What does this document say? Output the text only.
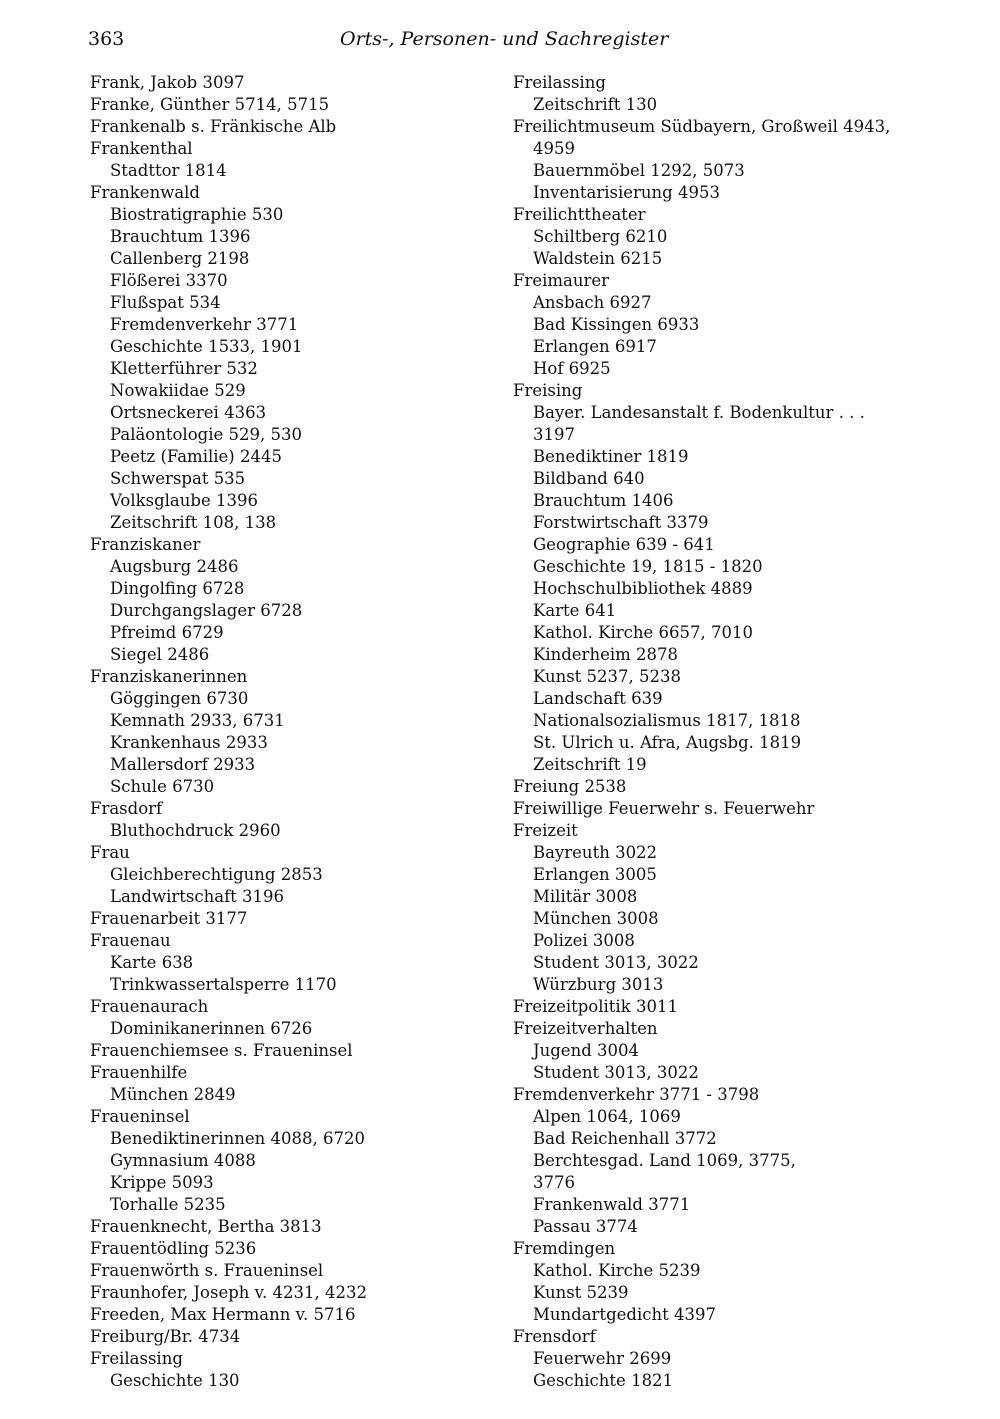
363	Orts-, Personen- und Sachregister
Frank, Jakob 3097
Franke, Günther 5714, 5715
Frankenalb s. Fränkische Alb
Frankenthal
Stadttor 1814
Frankenwald
Biostratigraphie 530
Brauchtum 1396
Callenberg 2198
Flößerei 3370
Flußspat 534
Fremdenverkehr 3771
Geschichte 1533, 1901
Kletterführer 532
Nowakiidae 529
Ortsneckerei 4363
Paläontologie 529, 530
Peetz (Familie) 2445
Schwerspat 535
Volksglaube 1396
Zeitschrift 108, 138
Franziskaner
Augsburg 2486
Dingolfing 6728
Durchgangslager 6728
Pfreimd 6729
Siegel 2486
Franziskanerinnen
Göggingen 6730
Kemnath 2933, 6731
Krankenhaus 2933
Mallersdorf 2933
Schule 6730
Frasdorf
Bluthochdruck 2960
Frau
Gleichberechtigung 2853
Landwirtschaft 3196
Frauenarbeit 3177
Frauenau
Karte 638
Trinkwassertalsperre 1170
Frauenaurach
Dominikanerinnen 6726
Frauenchiemsee s. Fraueninsel
Frauenhilfe
München 2849
Fraueninsel
Benediktinerinnen 4088, 6720
Gymnasium 4088
Krippe 5093
Torhalle 5235
Frauenknecht, Bertha 3813
Frauentödling 5236
Frauenwörth s. Fraueninsel
Fraunhofer, Joseph v. 4231, 4232
Freeden, Max Hermann v. 5716
Freiburg/Br. 4734
Freilassing
Geschichte 130
Freilassing
Zeitschrift 130
Freilichtmuseum Südbayern, Großweil 4943,
4959
Bauernmöbel 1292, 5073
Inventarisierung 4953
Freilichttheater
Schiltberg 6210
Waldstein 6215
Freimaurer
Ansbach 6927
Bad Kissingen 6933
Erlangen 6917
Hof 6925
Freising
Bayer. Landesanstalt f. Bodenkultur . . .
3197
Benediktiner 1819
Bildband 640
Brauchtum 1406
Forstwirtschaft 3379
Geographie 639 - 641
Geschichte 19, 1815 - 1820
Hochschulbibliothek 4889
Karte 641
Kathol. Kirche 6657, 7010
Kinderheim 2878
Kunst 5237, 5238
Landschaft 639
Nationalsozialismus 1817, 1818
St. Ulrich u. Afra, Augsbg. 1819
Zeitschrift 19
Freiung 2538
Freiwillige Feuerwehr s. Feuerwehr
Freizeit
Bayreuth 3022
Erlangen 3005
Militär 3008
München 3008
Polizei 3008
Student 3013, 3022
Würzburg 3013
Freizeitpolitik 3011
Freizeitverhalten
Jugend 3004
Student 3013, 3022
Fremdenverkehr 3771 - 3798
Alpen 1064, 1069
Bad Reichenhall 3772
Berchtesgad. Land 1069, 3775,
3776
Frankenwald 3771
Passau 3774
Fremdingen
Kathol. Kirche 5239
Kunst 5239
Mundartgedicht 4397
Frensdorf
Feuerwehr 2699
Geschichte 1821
